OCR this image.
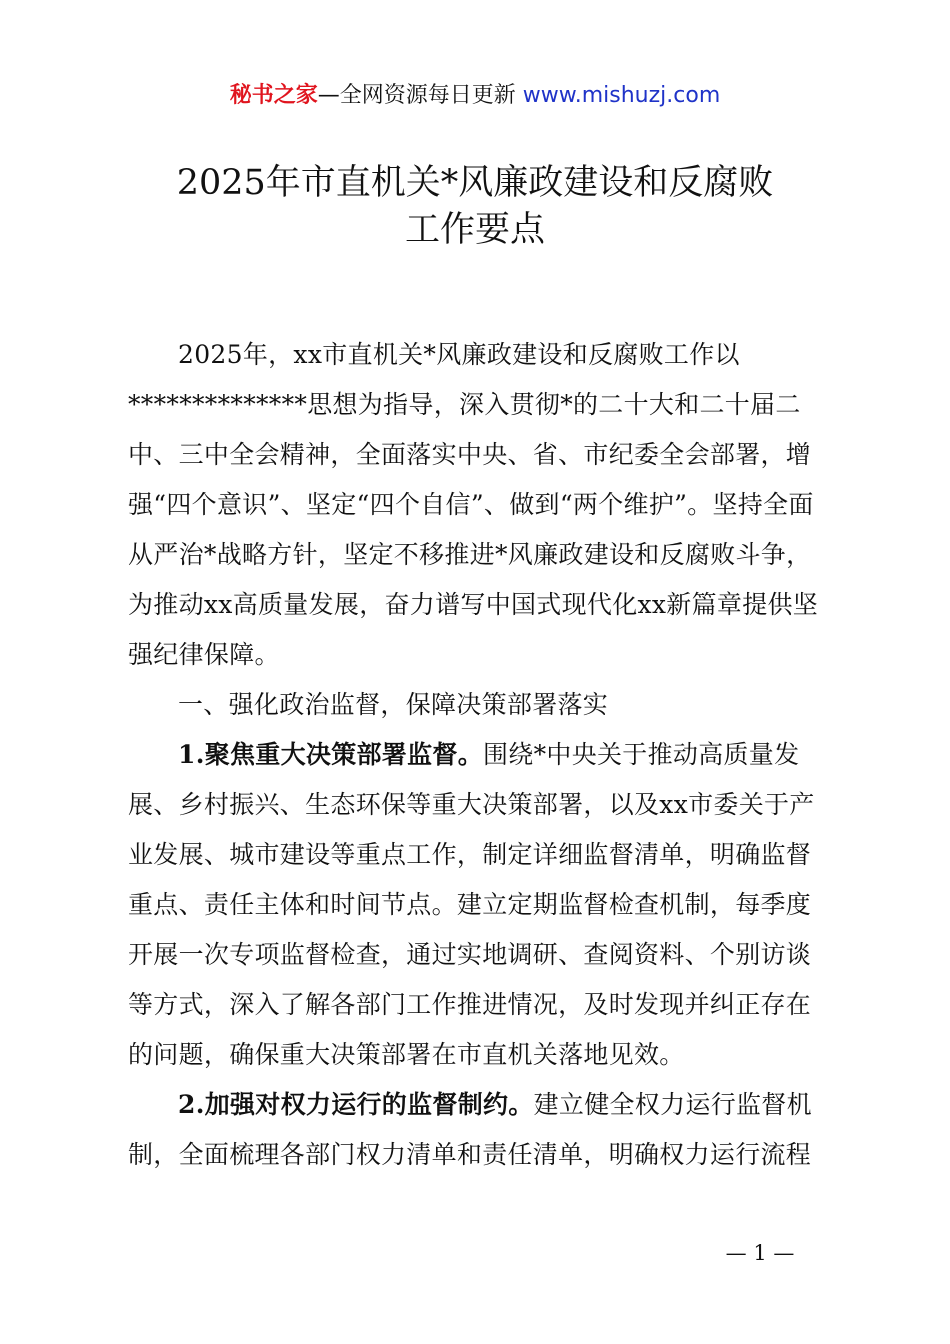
秘书之家—全网资源每日更新 www.mishuzj.com
2025年市直机关*风廉政建设和反腐败
工作要点

2025年，xx市直机关*风廉政建设和反腐败工作以**************思想为指导，深入贯彻*的二十大和二十届二中、三中全会精神，全面落实中央、省、市纪委全会部署，增强“四个意识”、坚定“四个自信”、做到“两个维护”。坚持全面从严治*战略方针，坚定不移推进*风廉政建设和反腐败斗争，为推动xx高质量发展，奋力谱写中国式现代化xx新篇章提供坚强纪律保障。

一、强化政治监督，保障决策部署落实

1.聚焦重大决策部署监督。围绕*中央关于推动高质量发展、乡村振兴、生态环保等重大决策部署，以及xx市委关于产业发展、城市建设等重点工作，制定详细监督清单，明确监督重点、责任主体和时间节点。建立定期监督检查机制，每季度开展一次专项监督检查，通过实地调研、查阅资料、个别访谈等方式，深入了解各部门工作推进情况，及时发现并纠正存在的问题，确保重大决策部署在市直机关落地见效。

2.加强对权力运行的监督制约。建立健全权力运行监督机制，全面梳理各部门权力清单和责任清单，明确权力运行流程

— 1 —
